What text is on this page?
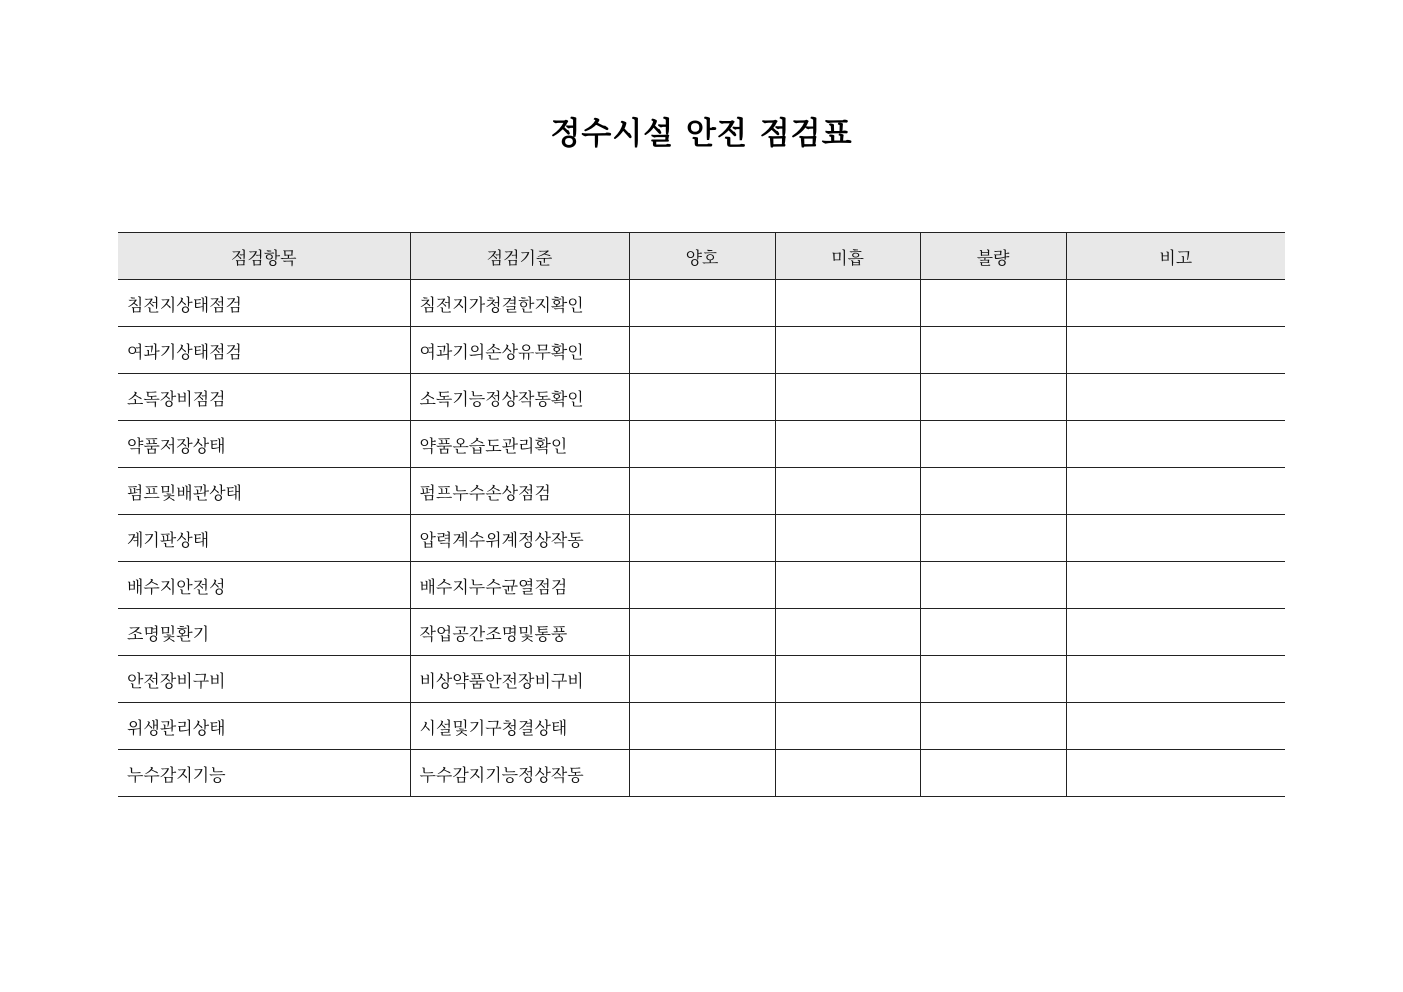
정수시설 안전 점검표
점검항목	점검기준	양호	미흡	불량	비고
침전지상태점검	침전지가청결한지확인				
여과기상태점검	여과기의손상유무확인				
소독장비점검	소독기능정상작동확인				
약품저장상태	약품온습도관리확인				
펌프및배관상태	펌프누수손상점검				
계기판상태	압력계수위계정상작동				
배수지안전성	배수지누수균열점검				
조명및환기	작업공간조명및통풍				
안전장비구비	비상약품안전장비구비				
위생관리상태	시설및기구청결상태				
누수감지기능	누수감지기능정상작동				
